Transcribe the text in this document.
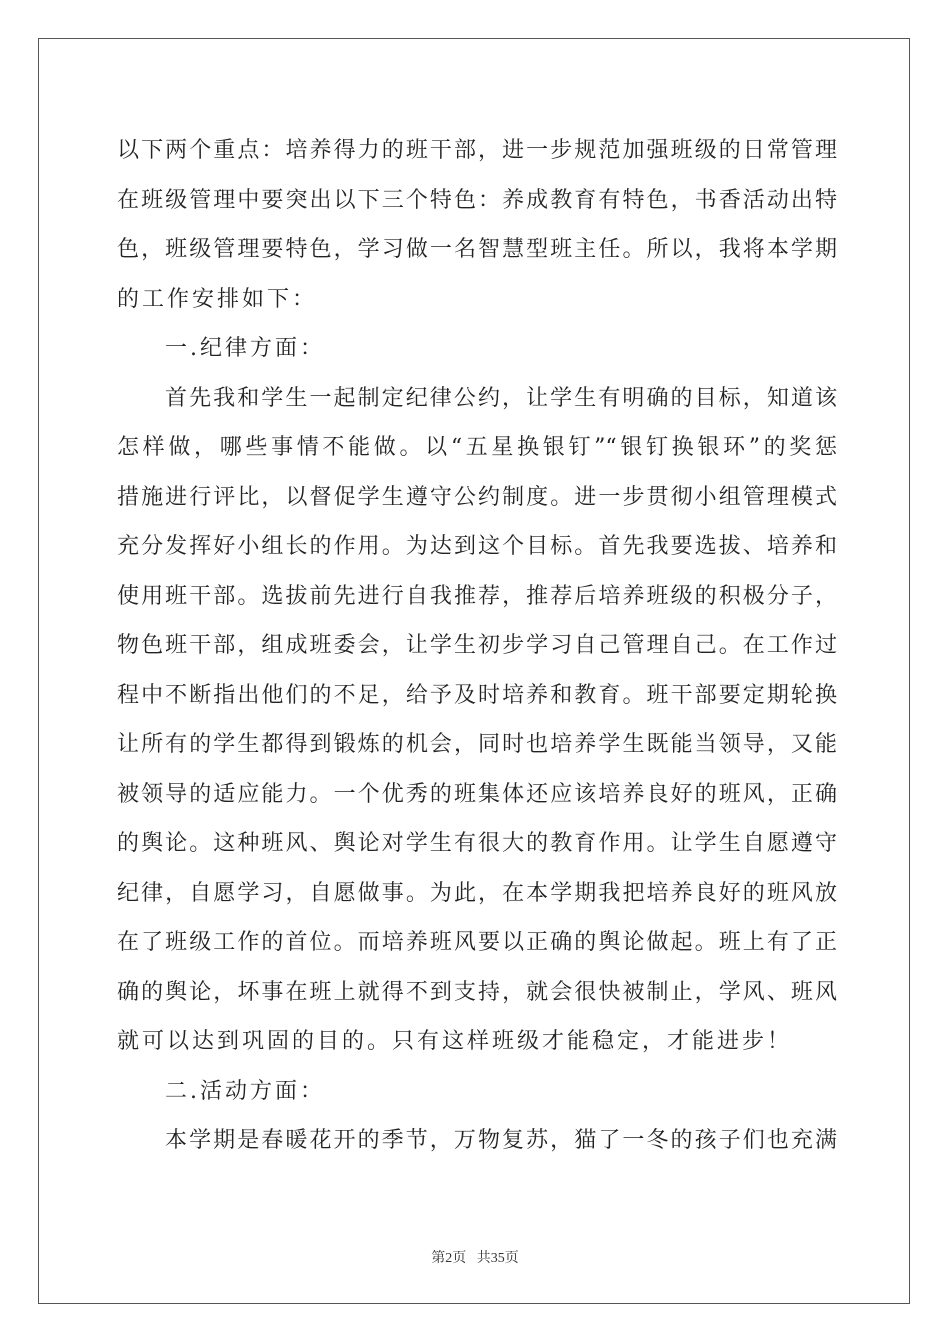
以下两个重点：培养得力的班干部，进一步规范加强班级的日常管理
在班级管理中要突出以下三个特色：养成教育有特色，书香活动出特
色，班级管理要特色，学习做一名智慧型班主任。所以，我将本学期
的工作安排如下：
一.纪律方面：
首先我和学生一起制定纪律公约，让学生有明确的目标，知道该
怎样做，哪些事情不能做。以“五星换银钉”“银钉换银环”的奖惩
措施进行评比，以督促学生遵守公约制度。进一步贯彻小组管理模式
充分发挥好小组长的作用。为达到这个目标。首先我要选拔、培养和
使用班干部。选拔前先进行自我推荐，推荐后培养班级的积极分子，
物色班干部，组成班委会，让学生初步学习自己管理自己。在工作过
程中不断指出他们的不足，给予及时培养和教育。班干部要定期轮换
让所有的学生都得到锻炼的机会，同时也培养学生既能当领导，又能
被领导的适应能力。一个优秀的班集体还应该培养良好的班风，正确
的舆论。这种班风、舆论对学生有很大的教育作用。让学生自愿遵守
纪律，自愿学习，自愿做事。为此，在本学期我把培养良好的班风放
在了班级工作的首位。而培养班风要以正确的舆论做起。班上有了正
确的舆论，坏事在班上就得不到支持，就会很快被制止，学风、班风
就可以达到巩固的目的。只有这样班级才能稳定，才能进步！
二.活动方面：
本学期是春暖花开的季节，万物复苏，猫了一冬的孩子们也充满
第2页   共35页
